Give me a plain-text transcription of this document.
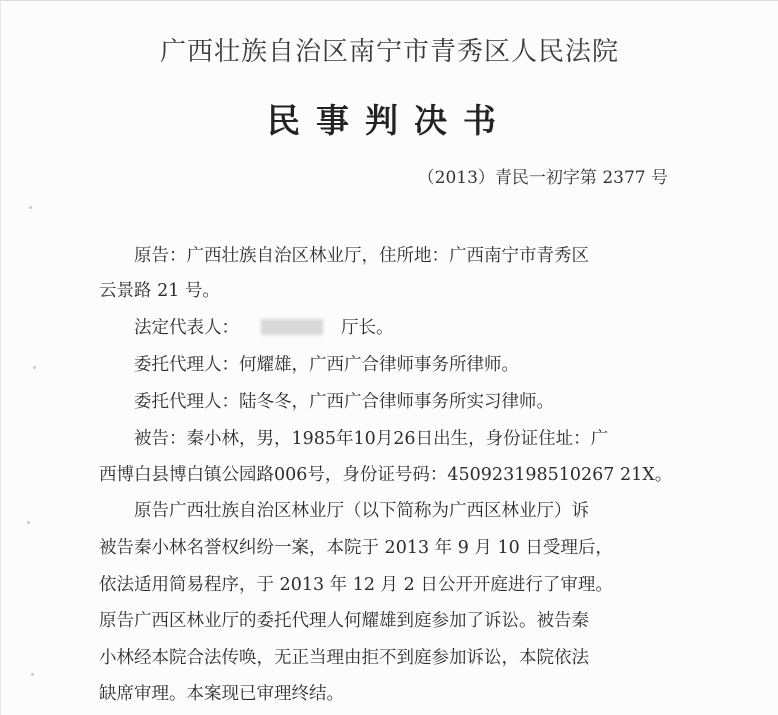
广西壮族自治区南宁市青秀区人民法院
民事判决书
（2013）青民一初字第 2377 号
原告：广西壮族自治区林业厅，住所地：广西南宁市青秀区
云景路 21 号。
法定代表人：	厅长。
委托代理人：何耀雄，广西广合律师事务所律师。
委托代理人：陆冬冬，广西广合律师事务所实习律师。
被告：秦小林，男，1985年10月26日出生，身份证住址：广
西博白县博白镇公园路006号，身份证号码：450923198510267 21X。
原告广西壮族自治区林业厅（以下简称为广西区林业厅）诉
被告秦小林名誉权纠纷一案，本院于 2013 年 9 月 10 日受理后，
依法适用简易程序，于 2013 年 12 月 2 日公开开庭进行了审理。
原告广西区林业厅的委托代理人何耀雄到庭参加了诉讼。被告秦
小林经本院合法传唤，无正当理由拒不到庭参加诉讼，本院依法
缺席审理。本案现已审理终结。
